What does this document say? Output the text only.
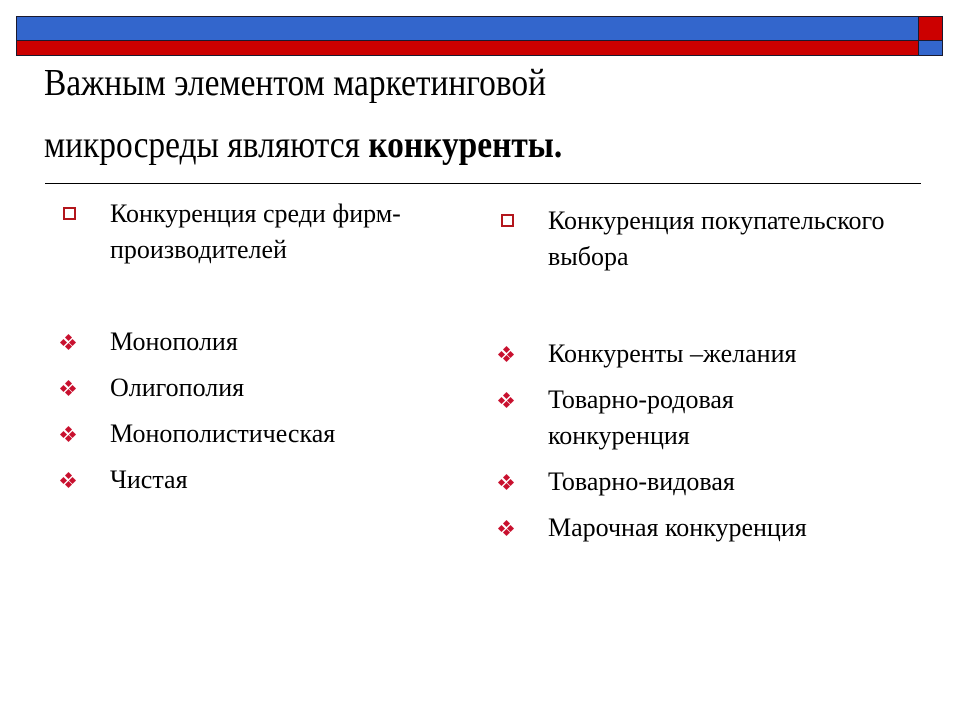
Важным элементом маркетинговой
микросреды являются конкуренты.
Конкуренция среди фирм-производителей
Монополия
Олигополия
Монополистическая
Чистая
Конкуренция покупательского выбора
Конкуренты –желания
Товарно-родовая конкуренция
Товарно-видовая
Марочная конкуренция
